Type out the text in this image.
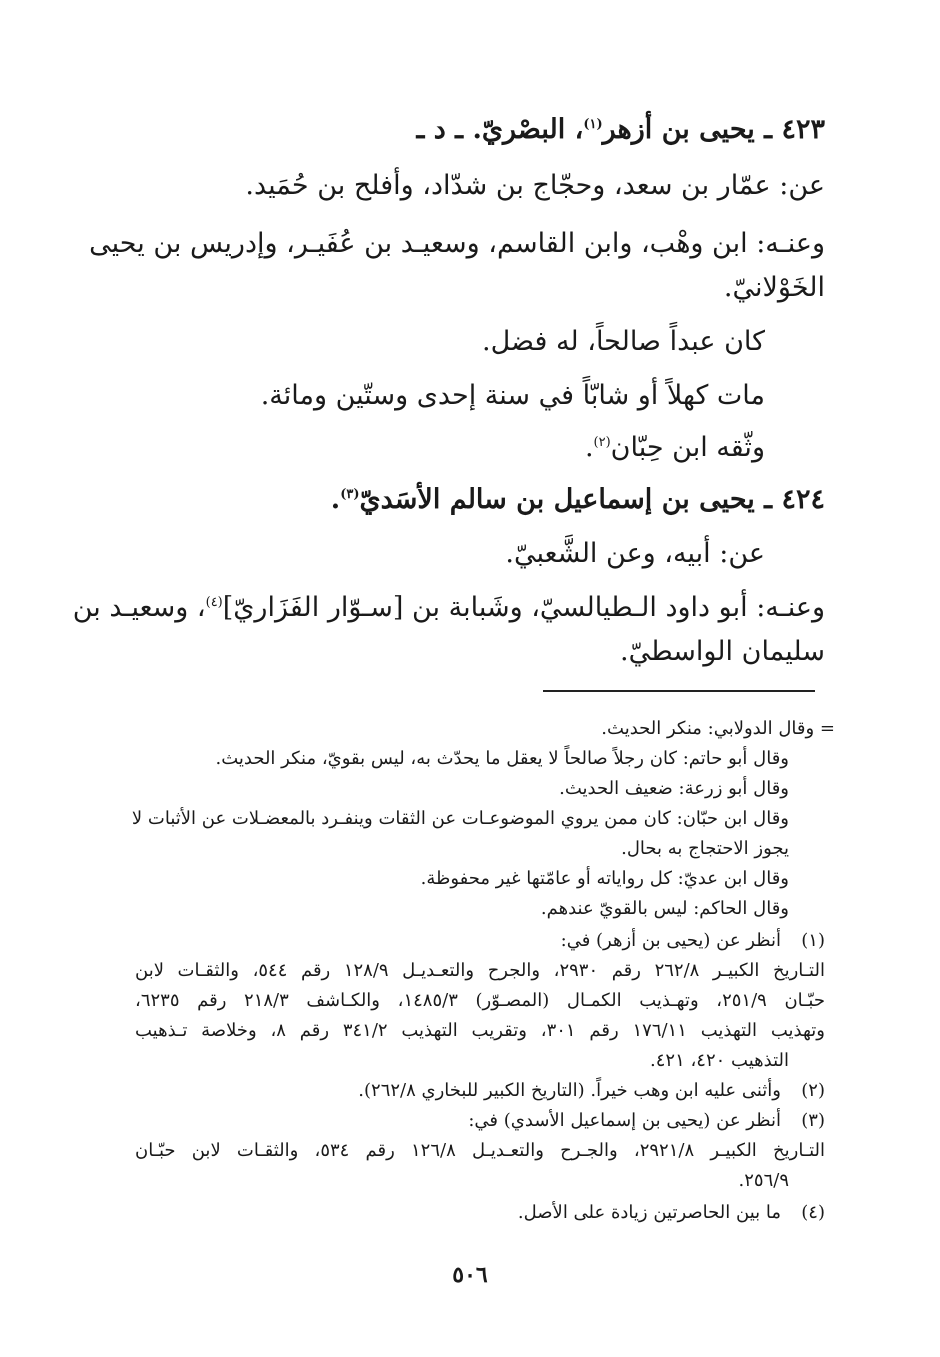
٤٢٣ ـ يحيى بن أزهر$^{(١)}$، البصْريّ. ـ د ـ
عن: عمّار بن سعد، وحجّاج بن شدّاد، وأفلح بن حُمَيد.
وعنـه: ابن وهْب، وابن القاسم، وسعيـد بن عُفَيـر، وإدريس بن يحيى
الخَوْلانيّ.
كان عبداً صالحاً، له فضل.
مات كهلاً أو شابّاً في سنة إحدى وستّين ومائة.
وثّقه ابن حِبّان$^{(٢)}$.
٤٢٤ ـ يحيى بن إسماعيل بن سالم الأسَديّ$^{(٣)}$.
عن: أبيه، وعن الشَّعبيّ.
وعنـه: أبو داود الـطيالسيّ، وشَبابة بن [سـوّار الفَزَاريّ]$^{(٤)}$، وسعيـد بن
سليمان الواسطيّ.
= وقال الدولابي: منكر الحديث.
وقال أبو حاتم: كان رجلاً صالحاً لا يعقل ما يحدّث به، ليس بقويّ، منكر الحديث.
وقال أبو زرعة: ضعيف الحديث.
وقال ابن حبّان: كان ممن يروي الموضوعـات عن الثقات وينفـرد بالمعضـلات عن الأثبات لا
يجوز الاحتجاج به بحال.
وقال ابن عديّ: كل رواياته أو عامّتها غير محفوظة.
وقال الحاكم: ليس بالقويّ عندهم.
(١)أنظر عن (يحيى بن أزهر) في:
التـاريخ الكبيـر ٢٦٢/٨ رقم ٢٩٣٠، والجرح والتعـديـل ١٢٨/٩ رقم ٥٤٤، والثقـات لابن
حبّـان ٢٥١/٩، وتهـذيب الكمـال (المصـوّر) ١٤٨٥/٣، والكـاشف ٢١٨/٣ رقم ٦٢٣٥،
وتهذيب التهذيب ١٧٦/١١ رقم ٣٠١، وتقريب التهذيب ٣٤١/٢ رقم ٨، وخلاصة تـذهيب
التذهيب ٤٢٠، ٤٢١.
(٢)وأثنى عليه ابن وهب خيراً. (التاريخ الكبير للبخاري ٢٦٢/٨).
(٣)أنظر عن (يحيى بن إسماعيل الأسدي) في:
التـاريخ الكبيـر ٢٩٢١/٨، والجـرح والتعـديـل ١٢٦/٨ رقم ٥٣٤، والثقـات لابن حبّـان
٢٥٦/٩.
(٤)ما بين الحاصرتين زيادة على الأصل.
٥٠٦
